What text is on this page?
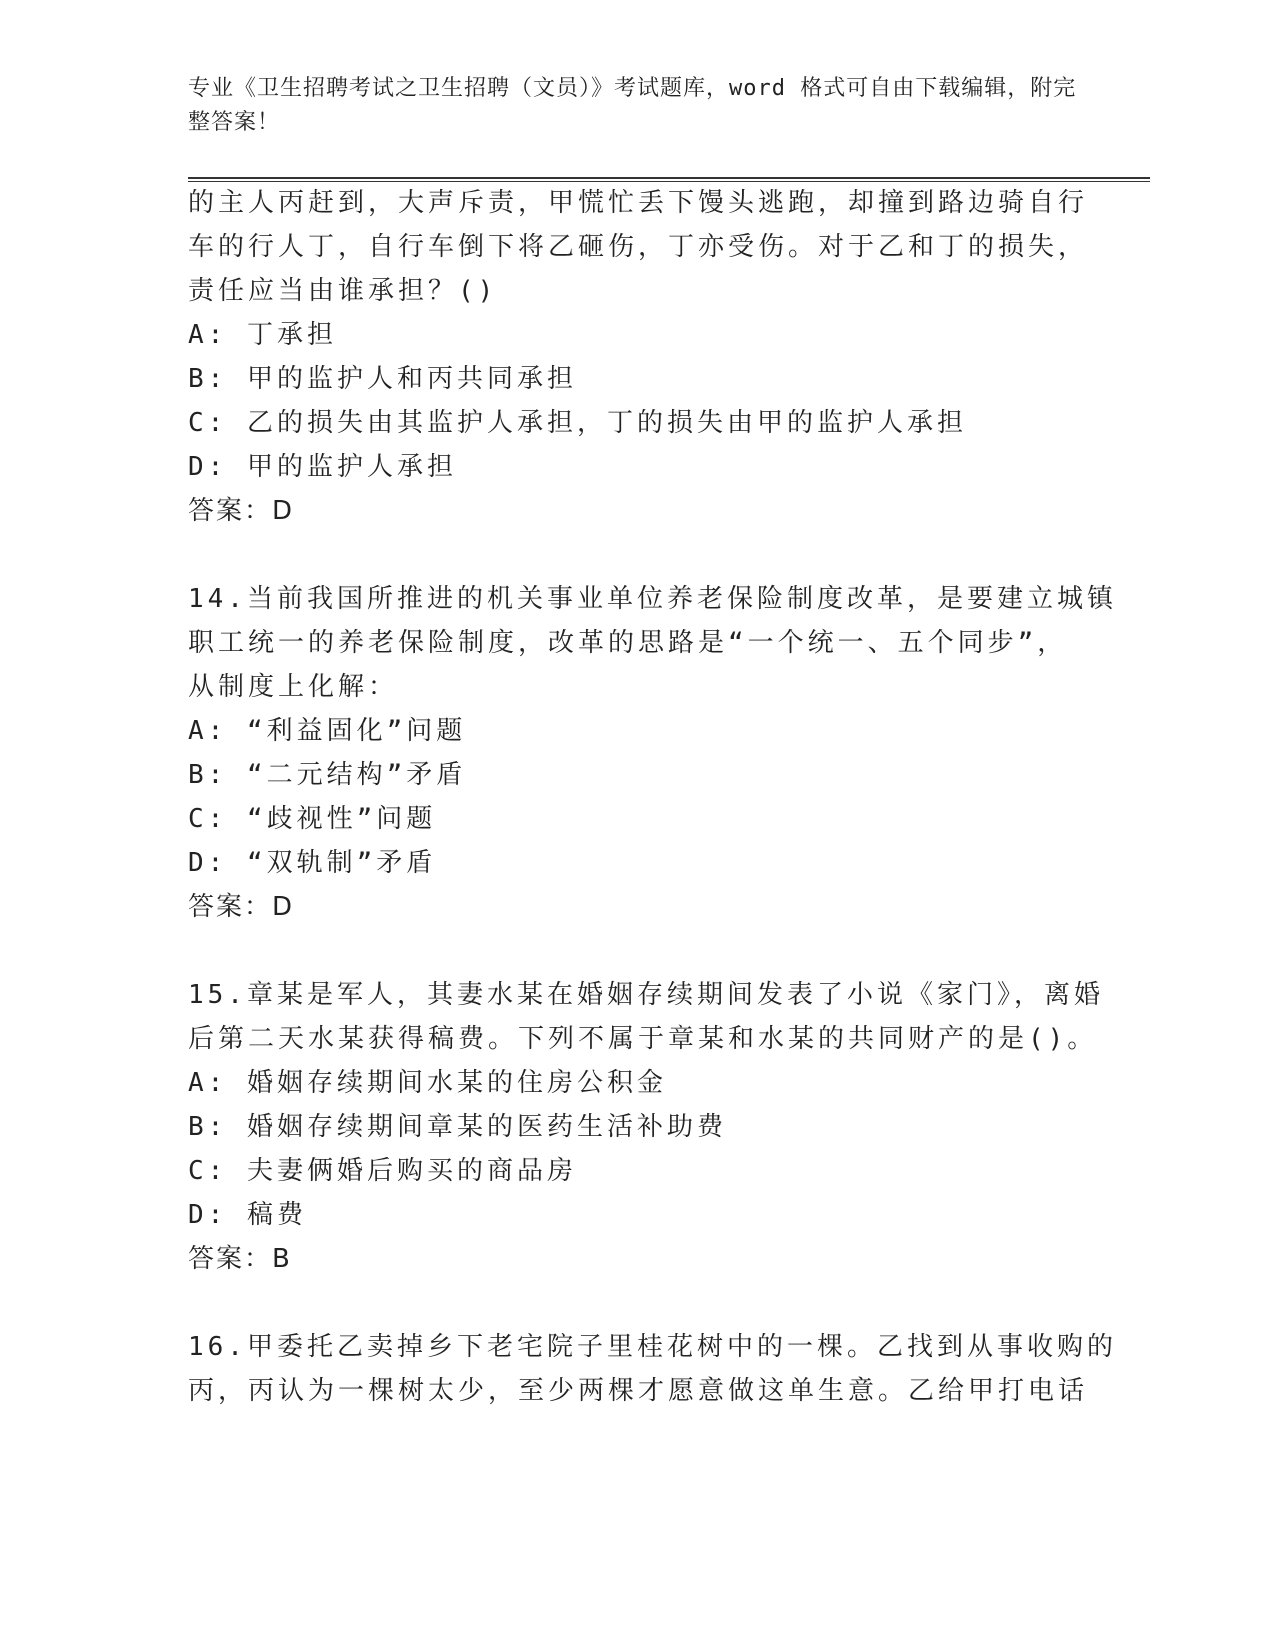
专业《卫生招聘考试之卫生招聘（文员）》考试题库，word 格式可自由下载编辑，附完整答案！
的主人丙赶到，大声斥责，甲慌忙丢下馒头逃跑，却撞到路边骑自行
车的行人丁，自行车倒下将乙砸伤，丁亦受伤。对于乙和丁的损失，
责任应当由谁承担？()
A: 丁承担
B: 甲的监护人和丙共同承担
C: 乙的损失由其监护人承担，丁的损失由甲的监护人承担
D: 甲的监护人承担
答案：D
14.当前我国所推进的机关事业单位养老保险制度改革，是要建立城镇
职工统一的养老保险制度，改革的思路是“一个统一、五个同步”，
从制度上化解：
A: “利益固化”问题
B: “二元结构”矛盾
C: “歧视性”问题
D: “双轨制”矛盾
答案：D
15.章某是军人，其妻水某在婚姻存续期间发表了小说《家门》，离婚
后第二天水某获得稿费。下列不属于章某和水某的共同财产的是()。
A: 婚姻存续期间水某的住房公积金
B: 婚姻存续期间章某的医药生活补助费
C: 夫妻俩婚后购买的商品房
D: 稿费
答案：B
16.甲委托乙卖掉乡下老宅院子里桂花树中的一棵。乙找到从事收购的
丙，丙认为一棵树太少，至少两棵才愿意做这单生意。乙给甲打电话
